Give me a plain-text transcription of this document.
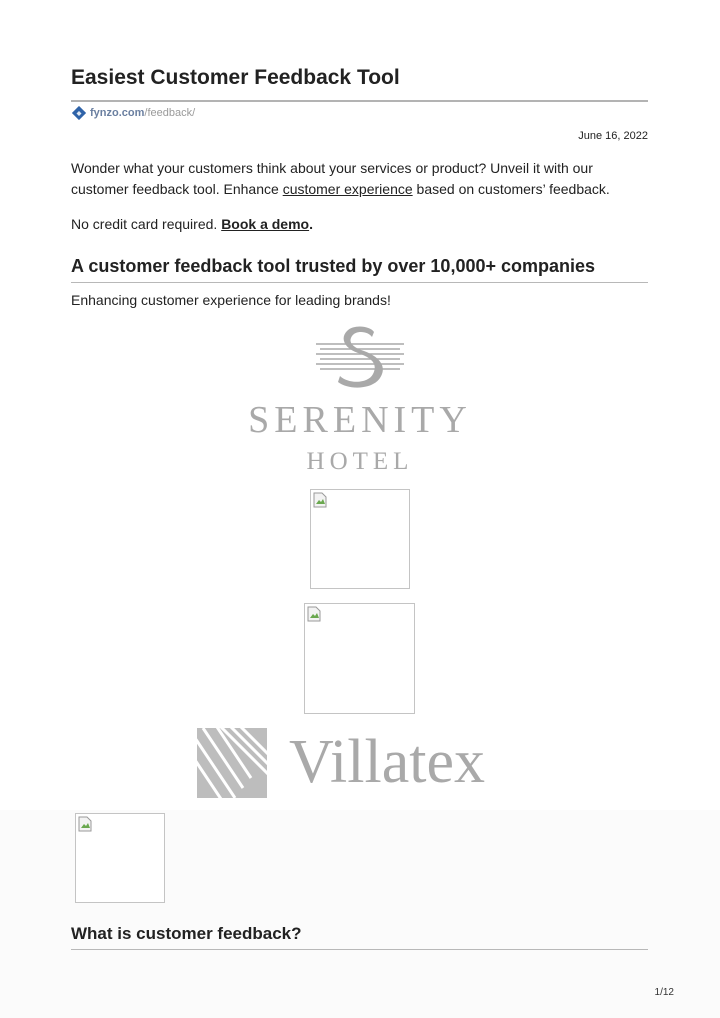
Easiest Customer Feedback Tool
fynzo.com/feedback/
June 16, 2022

Wonder what your customers think about your services or product? Unveil it with our customer feedback tool. Enhance customer experience based on customers’ feedback.

No credit card required. Book a demo.

A customer feedback tool trusted by over 10,000+ companies

Enhancing customer experience for leading brands!

SERENITY
HOTEL
Villatex
What is customer feedback?
1/12
